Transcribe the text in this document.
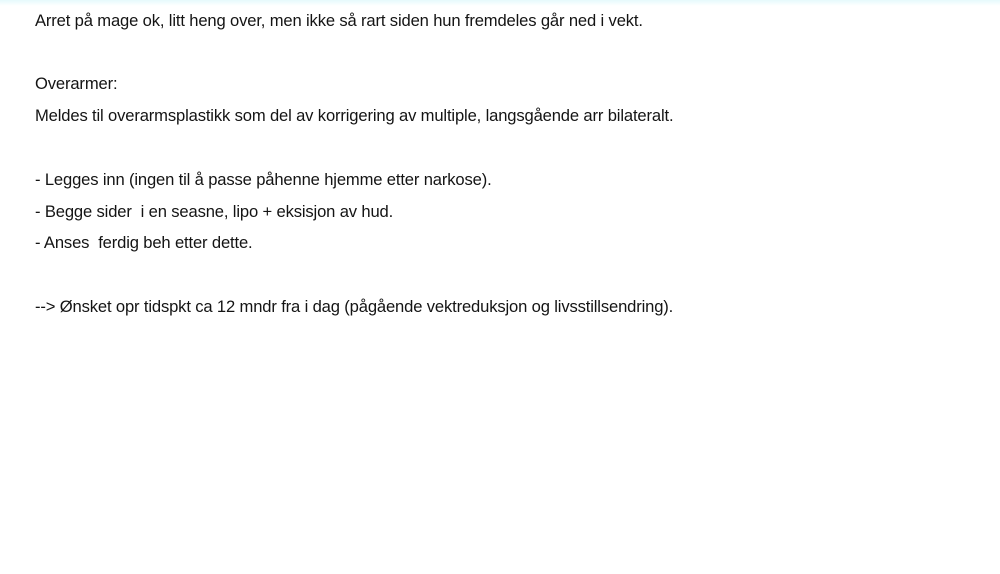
Arret på mage ok, litt heng over, men ikke så rart siden hun fremdeles går ned i vekt.
Overarmer:
Meldes til overarmsplastikk som del av korrigering av multiple, langsgående arr bilateralt.
- Legges inn (ingen til å passe påhenne hjemme etter narkose).
- Begge sider  i en seasne, lipo + eksisjon av hud.
- Anses  ferdig beh etter dette.
--> Ønsket opr tidspkt ca 12 mndr fra i dag (pågående vektreduksjon og livsstillsendring).
